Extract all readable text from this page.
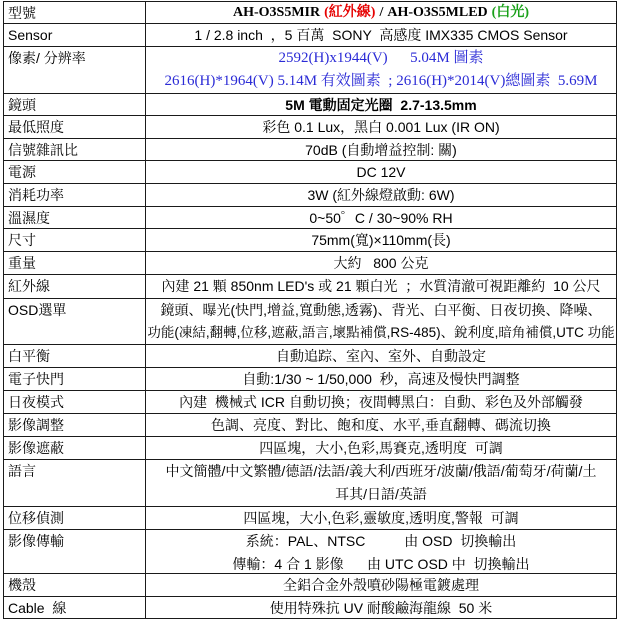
型號	AH-O3S5MIR (紅外線) / AH-O3S5MLED (白光)
Sensor	1 / 2.8 inch  ，5 百萬  SONY  高感度 IMX335 CMOS Sensor
像素/ 分辨率	2592(H)x1944(V)      5.04M 圖素
2616(H)*1964(V) 5.14M 有效圖素  ; 2616(H)*2014(V)總圖素  5.69M
鏡頭	5M 電動固定光圈  2.7-13.5mm
最低照度	彩色 0.1 Lux，黑白 0.001 Lux (IR ON)
信號雜訊比	70dB (自動增益控制: 關)
電源	DC 12V
消耗功率	3W (紅外線燈啟動: 6W)
溫濕度	0~50゜C / 30~90% RH
尺寸	75mm(寬)×110mm(長)
重量	大約   800 公克
紅外線	內建 21 顆 850nm LED's 或 21 顆白光  ；水質清澈可視距離約  10 公尺
OSD選單	鏡頭、曝光(快門,增益,寬動態,透霧)、背光、白平衡、日夜切換、降噪、
功能(凍結,翻轉,位移,遮蔽,語言,壞點補償,RS-485)、銳利度,暗角補償,UTC 功能
白平衡	自動追踪、室內、室外、自動設定
電子快門	自動:1/30 ~ 1/50,000  秒，高速及慢快門調整
日夜模式	內建  機械式 ICR 自動切換；夜間轉黑白：自動、彩色及外部觸發
影像調整	色調、亮度、對比、飽和度、水平,垂直翻轉、碼流切換
影像遮蔽	四區塊，大小,色彩,馬賽克,透明度  可調
語言	中文簡體/中文繁體/德語/法語/義大利/西班牙/波蘭/俄語/葡萄牙/荷蘭/土
耳其/日語/英語
位移偵測	四區塊，大小,色彩,靈敏度,透明度,警報  可調
影像傳輸	系統：PAL、NTSC          由 OSD  切換輸出
傳輸：4 合 1 影像      由 UTC OSD 中  切換輸出
機殼	全鋁合金外殼噴砂陽極電鍍處理
Cable  線	使用特殊抗 UV 耐酸鹼海龍線  50 米
